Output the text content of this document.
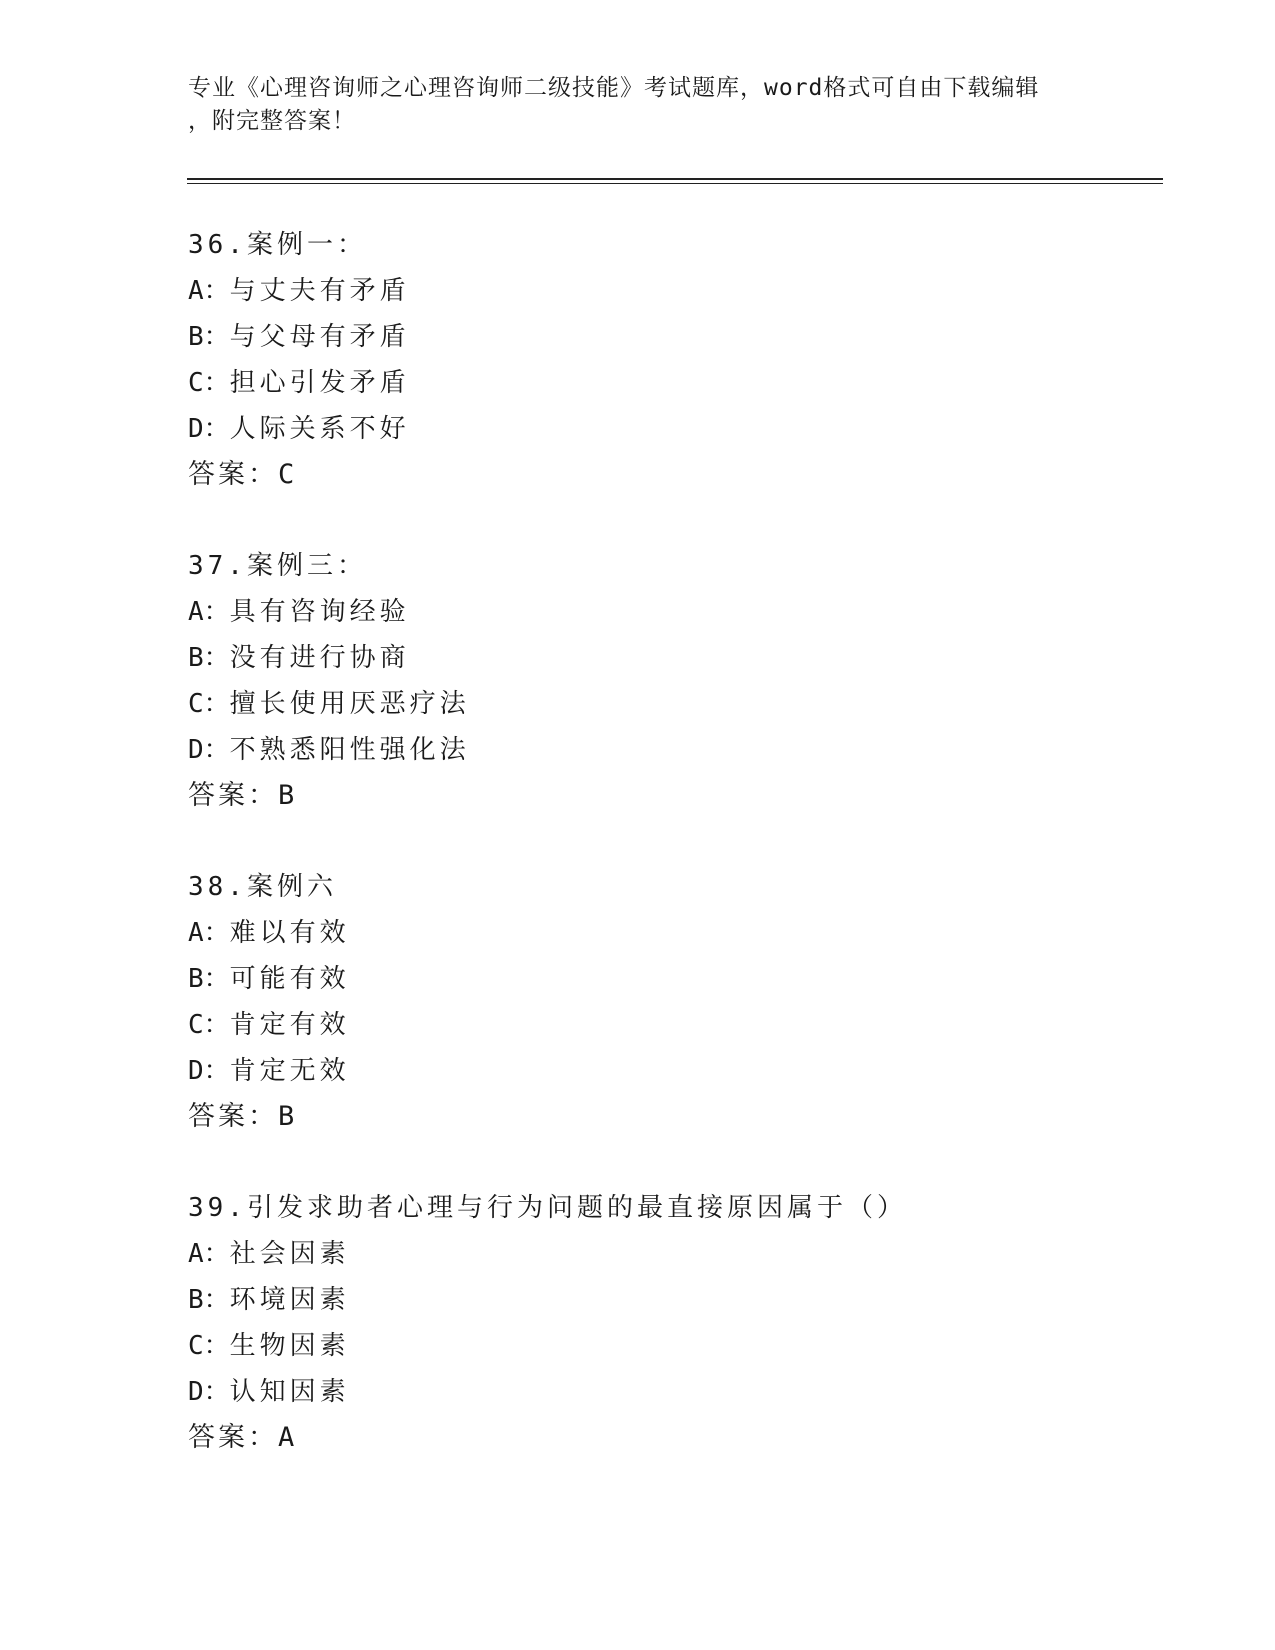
专业《心理咨询师之心理咨询师二级技能》考试题库，word格式可自由下载编辑
，附完整答案！
36.案例一：
A：与丈夫有矛盾
B：与父母有矛盾
C：担心引发矛盾
D：人际关系不好
答案：C
37.案例三：
A：具有咨询经验
B：没有进行协商
C：擅长使用厌恶疗法
D：不熟悉阳性强化法
答案：B
38.案例六
A：难以有效
B：可能有效
C：肯定有效
D：肯定无效
答案：B
39.引发求助者心理与行为问题的最直接原因属于（）
A：社会因素
B：环境因素
C：生物因素
D：认知因素
答案：A
